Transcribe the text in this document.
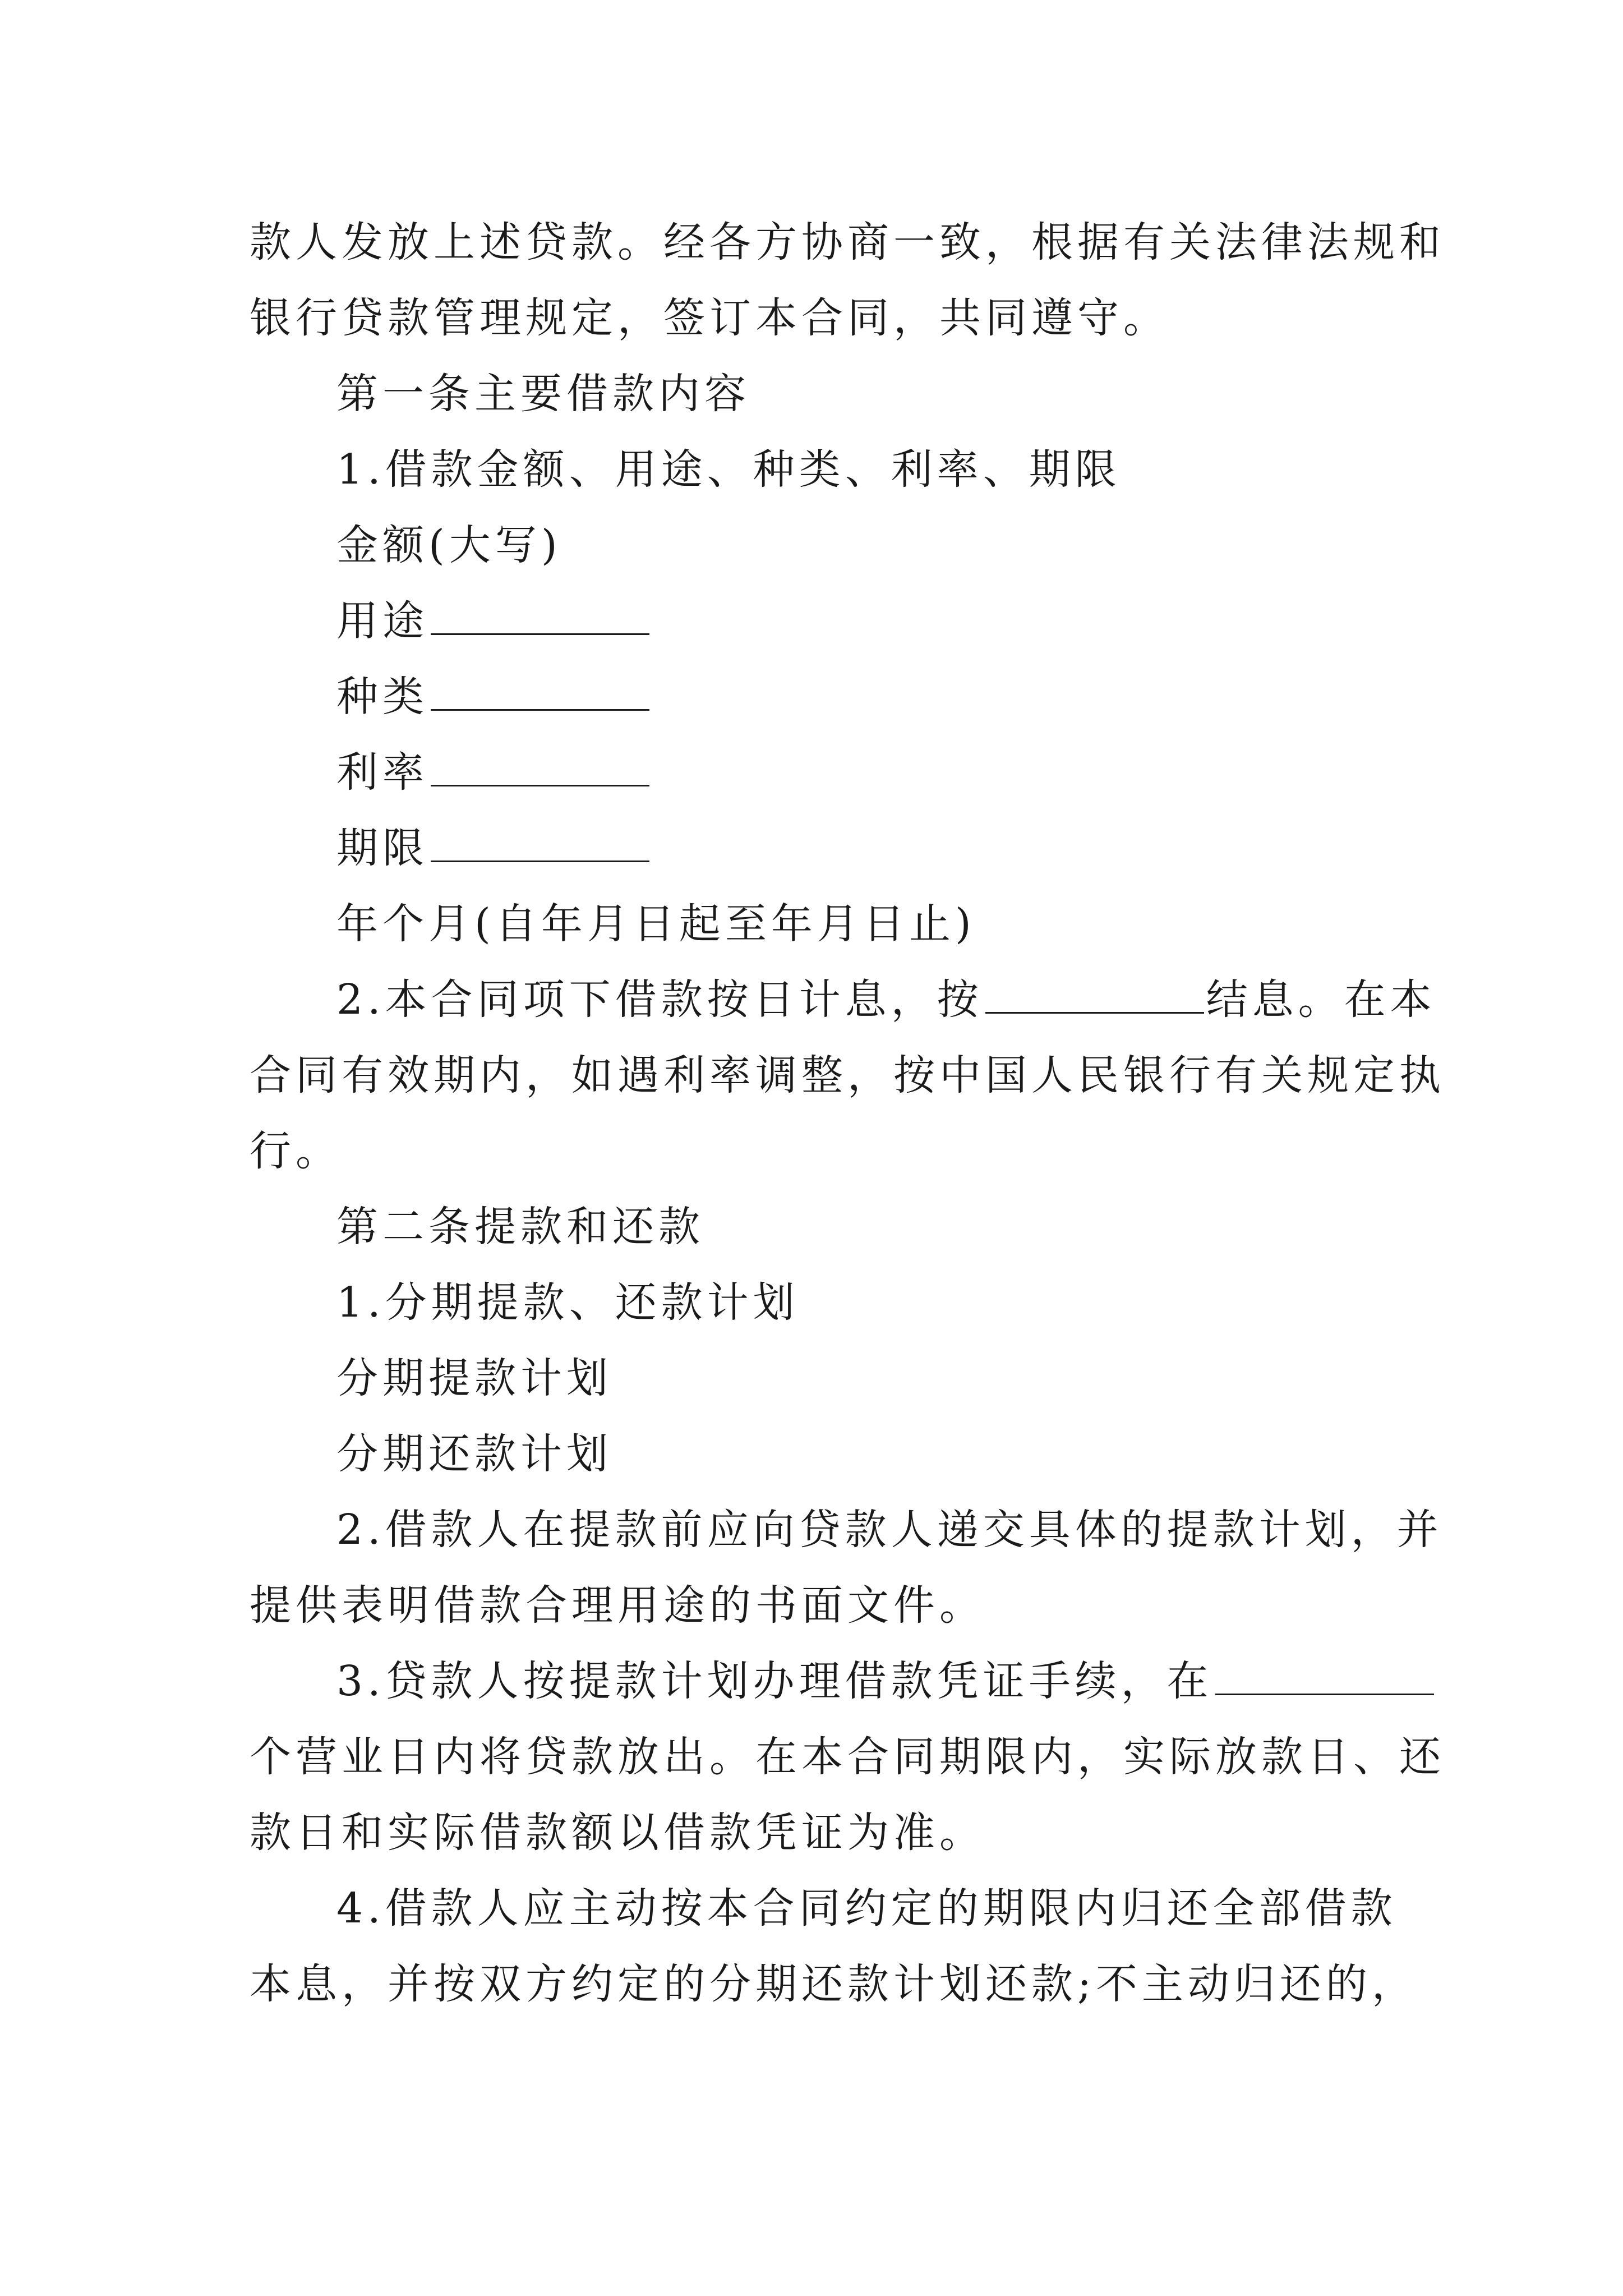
款人发放上述贷款。经各方协商一致，根据有关法律法规和
银行贷款管理规定，签订本合同，共同遵守。
第一条主要借款内容
1.借款金额、用途、种类、利率、期限
金额(大写)
用途
种类
利率
期限
年个月(自年月日起至年月日止)
2.本合同项下借款按日计息，按	结息。在本
合同有效期内，如遇利率调整，按中国人民银行有关规定执
行。
第二条提款和还款
1.分期提款、还款计划
分期提款计划
分期还款计划
2.借款人在提款前应向贷款人递交具体的提款计划，并
提供表明借款合理用途的书面文件。
3.贷款人按提款计划办理借款凭证手续，在
个营业日内将贷款放出。在本合同期限内，实际放款日、还
款日和实际借款额以借款凭证为准。
4.借款人应主动按本合同约定的期限内归还全部借款
本息，并按双方约定的分期还款计划还款;不主动归还的，
